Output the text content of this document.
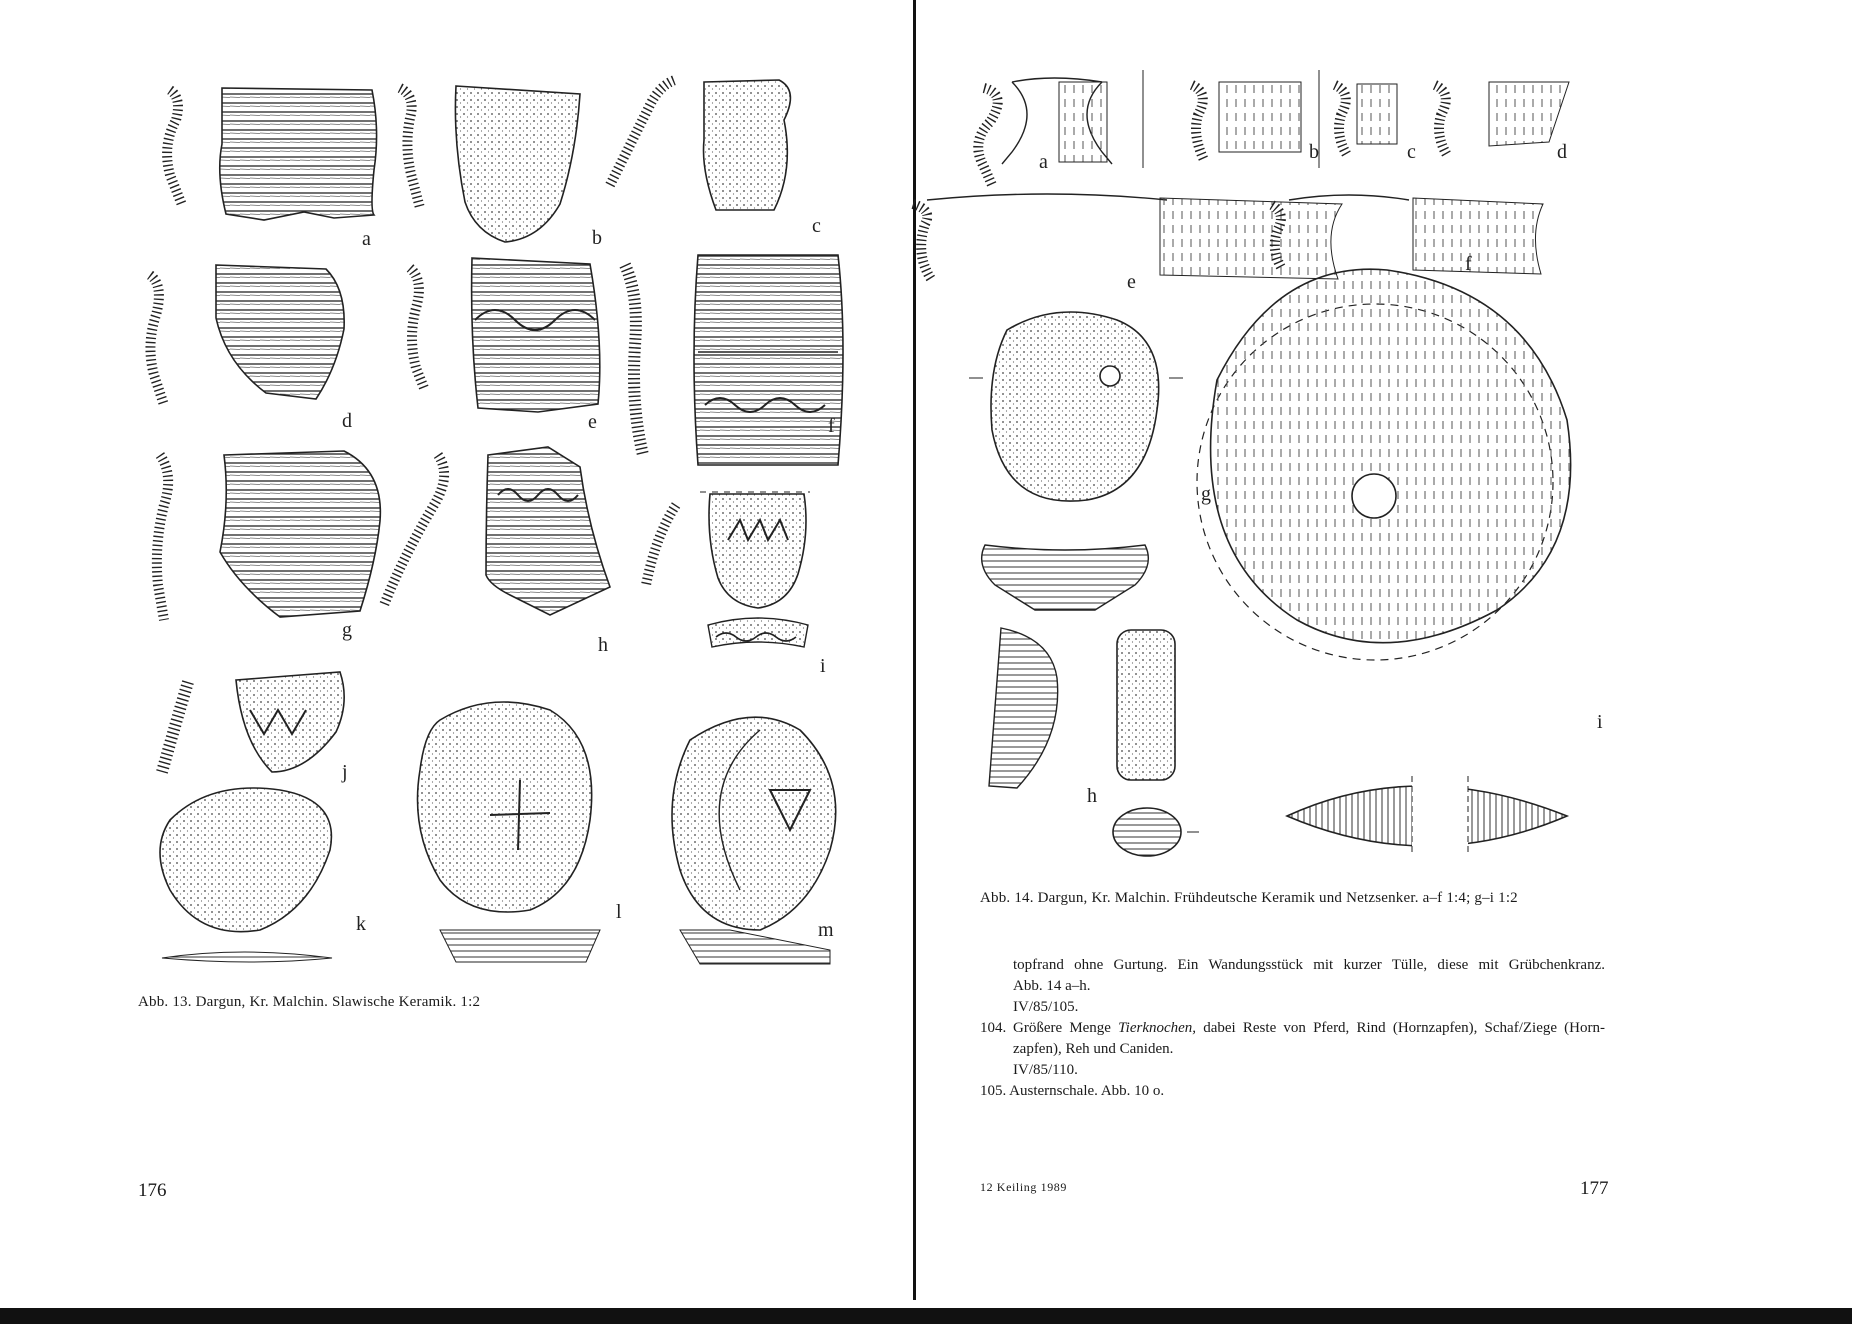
a	b
c
d	e	f
g
h
i
j
k
l
m
Abb. 13. Dargun, Kr. Malchin. Slawische Keramik. 1:2
176
a	b	c	d
e
f
g
h
i
Abb. 14. Dargun, Kr. Malchin. Frühdeutsche Keramik und Netzsenker. a–f 1:4; g–i 1:2
topfrand ohne Gurtung. Ein Wandungsstück mit kurzer Tülle, diese mit Grübchenkranz.
Abb. 14 a–h.
IV/85/105.
104. Größere Menge Tierknochen, dabei Reste von Pferd, Rind (Hornzapfen), Schaf/Ziege (Horn-
zapfen), Reh und Caniden.
IV/85/110.
105. Austernschale. Abb. 10 o.
12 Keiling 1989	177
